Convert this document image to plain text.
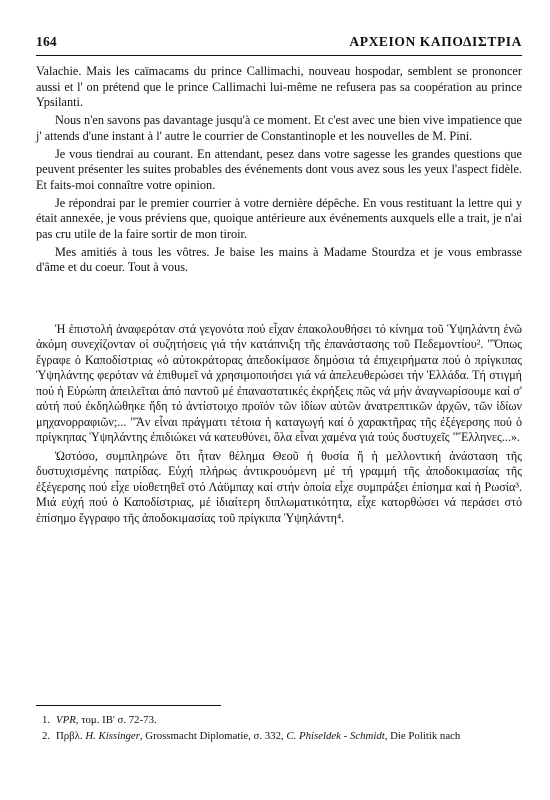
164	ΑΡΧΕΙΟΝ ΚΑΠΟΔΙΣΤΡΙΑ

Valachie. Mais les caïmacams du prince Callimachi, nouveau hospodar, semblent se prononcer aussi et l' on prétend que le prince Callimachi lui-même ne refusera pas sa coopération au prince Ypsilanti.

Nous n'en savons pas davantage jusqu'à ce moment. Et c'est avec une bien vive impatience que j' attends d'une instant à l' autre le courrier de Constantinople et les nouvelles de M. Pini.

Je vous tiendrai au courant. En attendant, pesez dans votre sagesse les grandes questions que peuvent présenter les suites probables des événements dont vous avez sous les yeux l'aspect fidèle. Et faits-moi connaître votre opinion.

Je répondrai par le premier courrier à votre dernière dépêche. En vous restituant la lettre qui y était annexée, je vous préviens que, quoique antérieure aux événements auxquels elle a trait, je n'ai pas cru utile de la faire sortir de mon tiroir.

Mes amitiés à tous les vôtres. Je baise les mains à Madame Stourdza et je vous embrasse d'âme et du coeur. Tout à vous.

Ἡ ἐπιστολή ἀναφερόταν στά γεγονότα πού εἶχαν ἐπακολουθήσει τό κίνημα τοῦ Ὑψηλάντη ἐνῶ ἀκόμη συνεχίζονταν οἱ συζητήσεις γιά τήν κατάπνιξη τῆς ἐπανάστασης τοῦ Πεδεμοντίου². "Ὅπως ἔγραφε ὁ Καποδίστριας «ὁ αὐτοκράτορας ἀπεδοκίμασε δημόσια τά ἐπιχειρήματα πού ὁ πρίγκιπας Ὑψηλάντης φερόταν νά ἐπιθυμεῖ νά χρησιμοποιήσει γιά νά ἀπελευθερώσει τήν Ἑλλάδα. Τή στιγμή πού ἡ Εὐρώπη ἀπειλεῖται ἀπό παντοῦ μέ ἐπαναστατικές ἐκρήξεις πῶς νά μήν ἀναγνωρίσουμε καί σ' αὐτή πού ἐκδηλώθηκε ἤδη τό ἀντίστοιχο προϊόν τῶν ἰδίων αὐτῶν ἀνατρεπτικῶν ἀρχῶν, τῶν ἰδίων μηχανορραφιῶν;... "Ἄν εἶναι πράγματι τέτοια ἡ καταγωγή καί ὁ χαρακτῆρας τῆς ἐξέγερσης πού ὁ πρίγκηπας Ὑψηλάντης ἐπιδιώκει νά κατευθύνει, ὅλα εἶναι χαμένα γιά τούς δυστυχεῖς "Ἕλληνες...».

Ὡστόσο, συμπληρώνε ὅτι ἦταν θέλημα Θεοῦ ἡ θυσία ἤ ἡ μελλοντική ἀνάσταση τῆς δυστυχισμένης πατρίδας. Εὐχή πλήρως ἀντικρουόμενη μέ τή γραμμή τῆς ἀποδοκιμασίας τῆς ἐξέγερσης πού εἶχε υἱοθετηθεῖ στό Λάϋμπαχ καί στήν ὁποία εἶχε συμπράξει ἐπίσημα καί ἡ Ρωσία³. Μιά εὐχή πού ὁ Καποδίστριας, μέ ἰδιαίτερη διπλωματικότητα, εἶχε κατορθώσει νά περάσει στό ἐπίσημο ἔγγραφο τῆς ἀποδοκιμασίας τοῦ πρίγκιπα Ὑψηλάντη⁴.

1. VPR, τομ. ΙΒ' σ. 72-73.

2. Πρβλ. H. Kissinger, Grossmacht Diplomatie, σ. 332, C. Phiseldek - Schmidt, Die Politik nach
